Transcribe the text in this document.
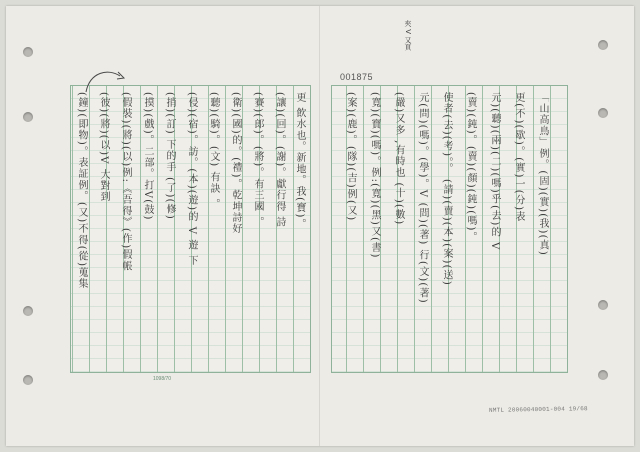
1098/70
001875
夾 V 又頁
NMTL 20060040001-004 19/68
(鐘)(即物)。表証例。(又)不得(從)蒐集 (彼)(將)(以)V 大對到 (假裝)(將)(以)例:《吾得》(作)假帳 (摸)(戲)。二部。打V(鼓) (捎)(訂) 下的手 (了)(修) (侵)(宿)。訪。(本)(遊)的 V 遊 下 (聽)(騎)。(文) 有訣 。 (衛)(國)的。(禮)。乾坤詩好 (賽)(郎)。(將)。有三國 。 (讓)(回)。(謝)。獻行得 詩 更 飲水也。新地。我(寶)。	(案)(鹿)。(隊)(吉)例(又) (寬)(寶)(嗎)。例:(寬)(黑)又(書) (嚴)又多 ,有時也 (十)(數) 元(問)(嗎)。(學)。V (問)(著) 行(文)(著) 使者(去)(考)。。 (請)(賣)(本)(案)(送) (賣)(鈍)。(賣)(顏)(鈍)(嗎)。 元)(聽)(兩)(二)(嗎)乎(去)的 V 更(不)(歇)。(實)一(分)表 「山高鳥」例。(固)(實)(我)(真)
